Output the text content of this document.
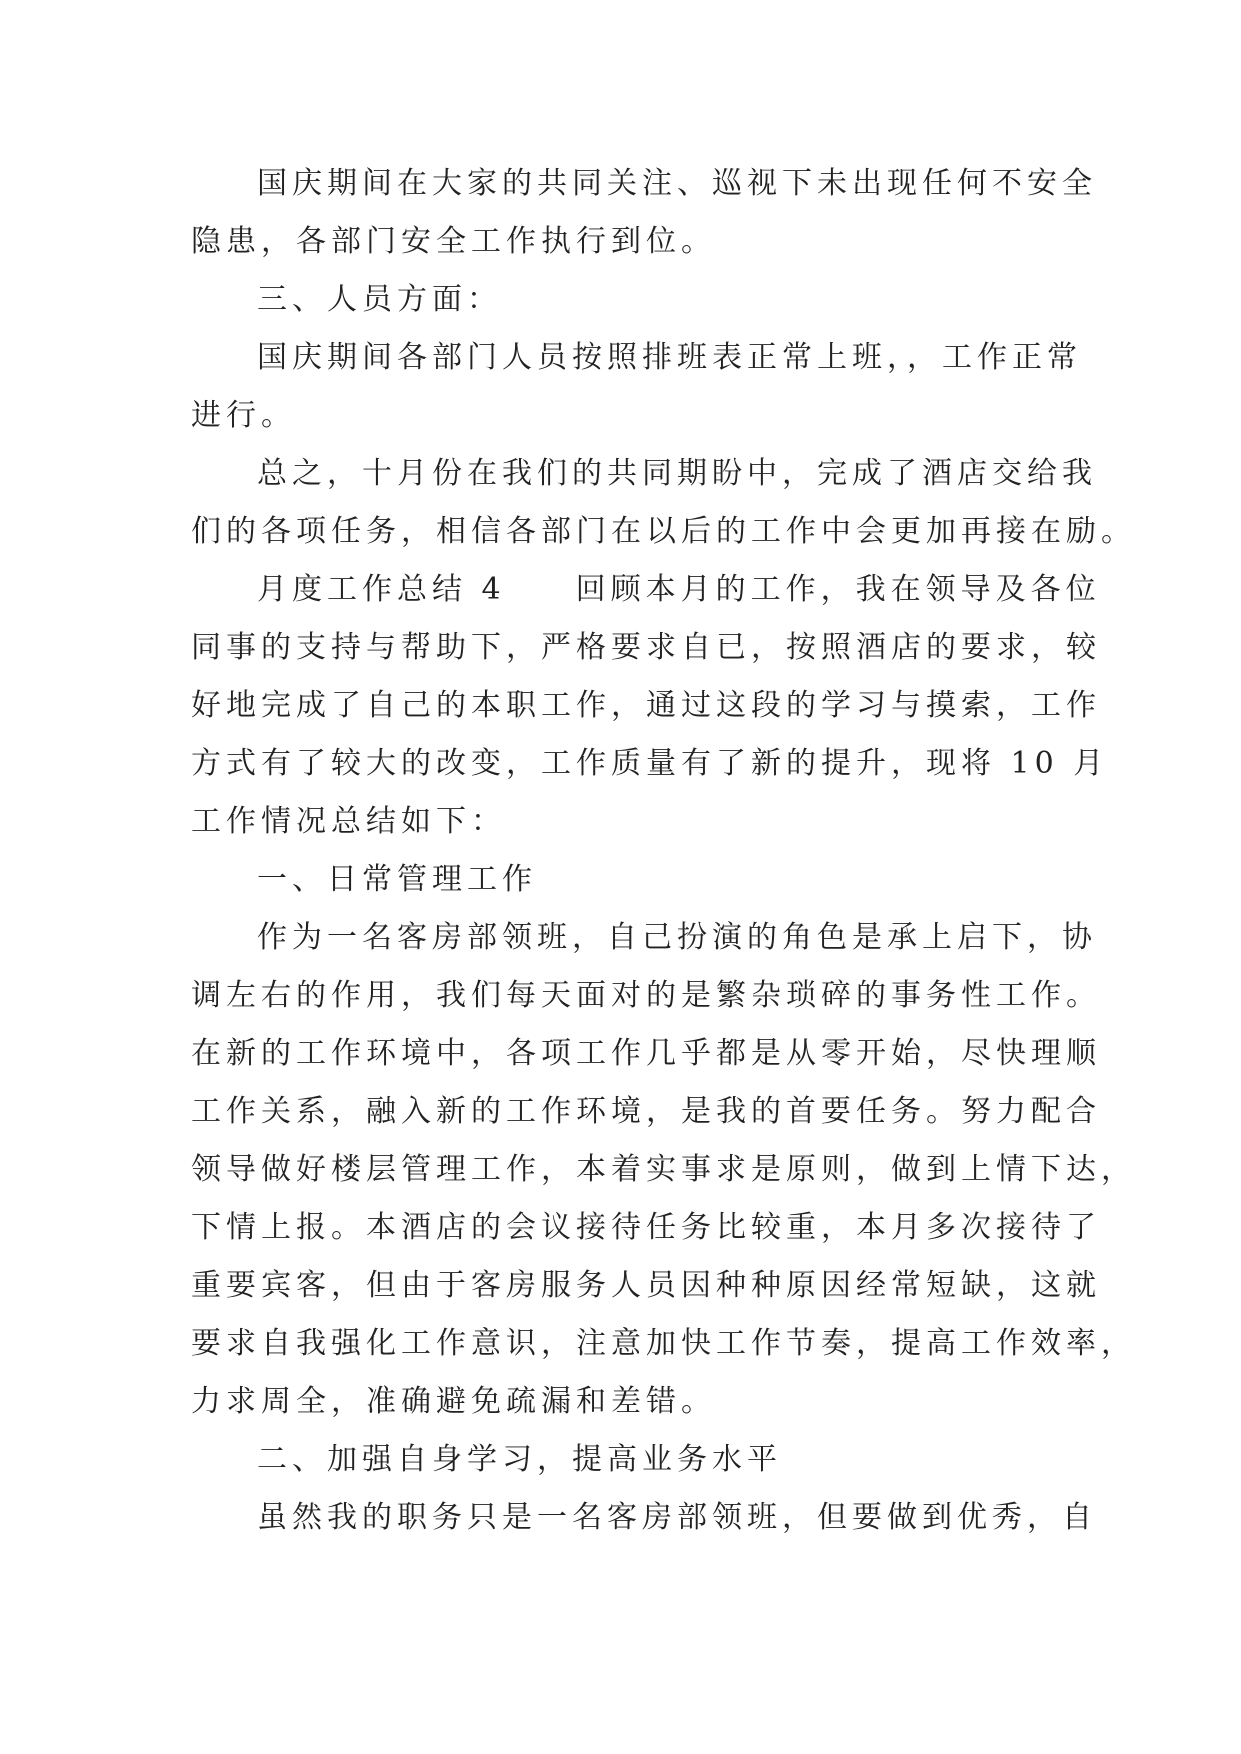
国庆期间在大家的共同关注、巡视下未出现任何不安全
隐患，各部门安全工作执行到位。
三、人员方面：
国庆期间各部门人员按照排班表正常上班，，工作正常
进行。
总之，十月份在我们的共同期盼中，完成了酒店交给我
们的各项任务，相信各部门在以后的工作中会更加再接在励。
月度工作总结 4　　回顾本月的工作，我在领导及各位
同事的支持与帮助下，严格要求自已，按照酒店的要求，较
好地完成了自己的本职工作，通过这段的学习与摸索，工作
方式有了较大的改变，工作质量有了新的提升，现将 10 月
工作情况总结如下：
一、日常管理工作
作为一名客房部领班，自己扮演的角色是承上启下，协
调左右的作用，我们每天面对的是繁杂琐碎的事务性工作。
在新的工作环境中，各项工作几乎都是从零开始，尽快理顺
工作关系，融入新的工作环境，是我的首要任务。努力配合
领导做好楼层管理工作，本着实事求是原则，做到上情下达，
下情上报。本酒店的会议接待任务比较重，本月多次接待了
重要宾客，但由于客房服务人员因种种原因经常短缺，这就
要求自我强化工作意识，注意加快工作节奏，提高工作效率，
力求周全，准确避免疏漏和差错。
二、加强自身学习，提高业务水平
虽然我的职务只是一名客房部领班，但要做到优秀，自
